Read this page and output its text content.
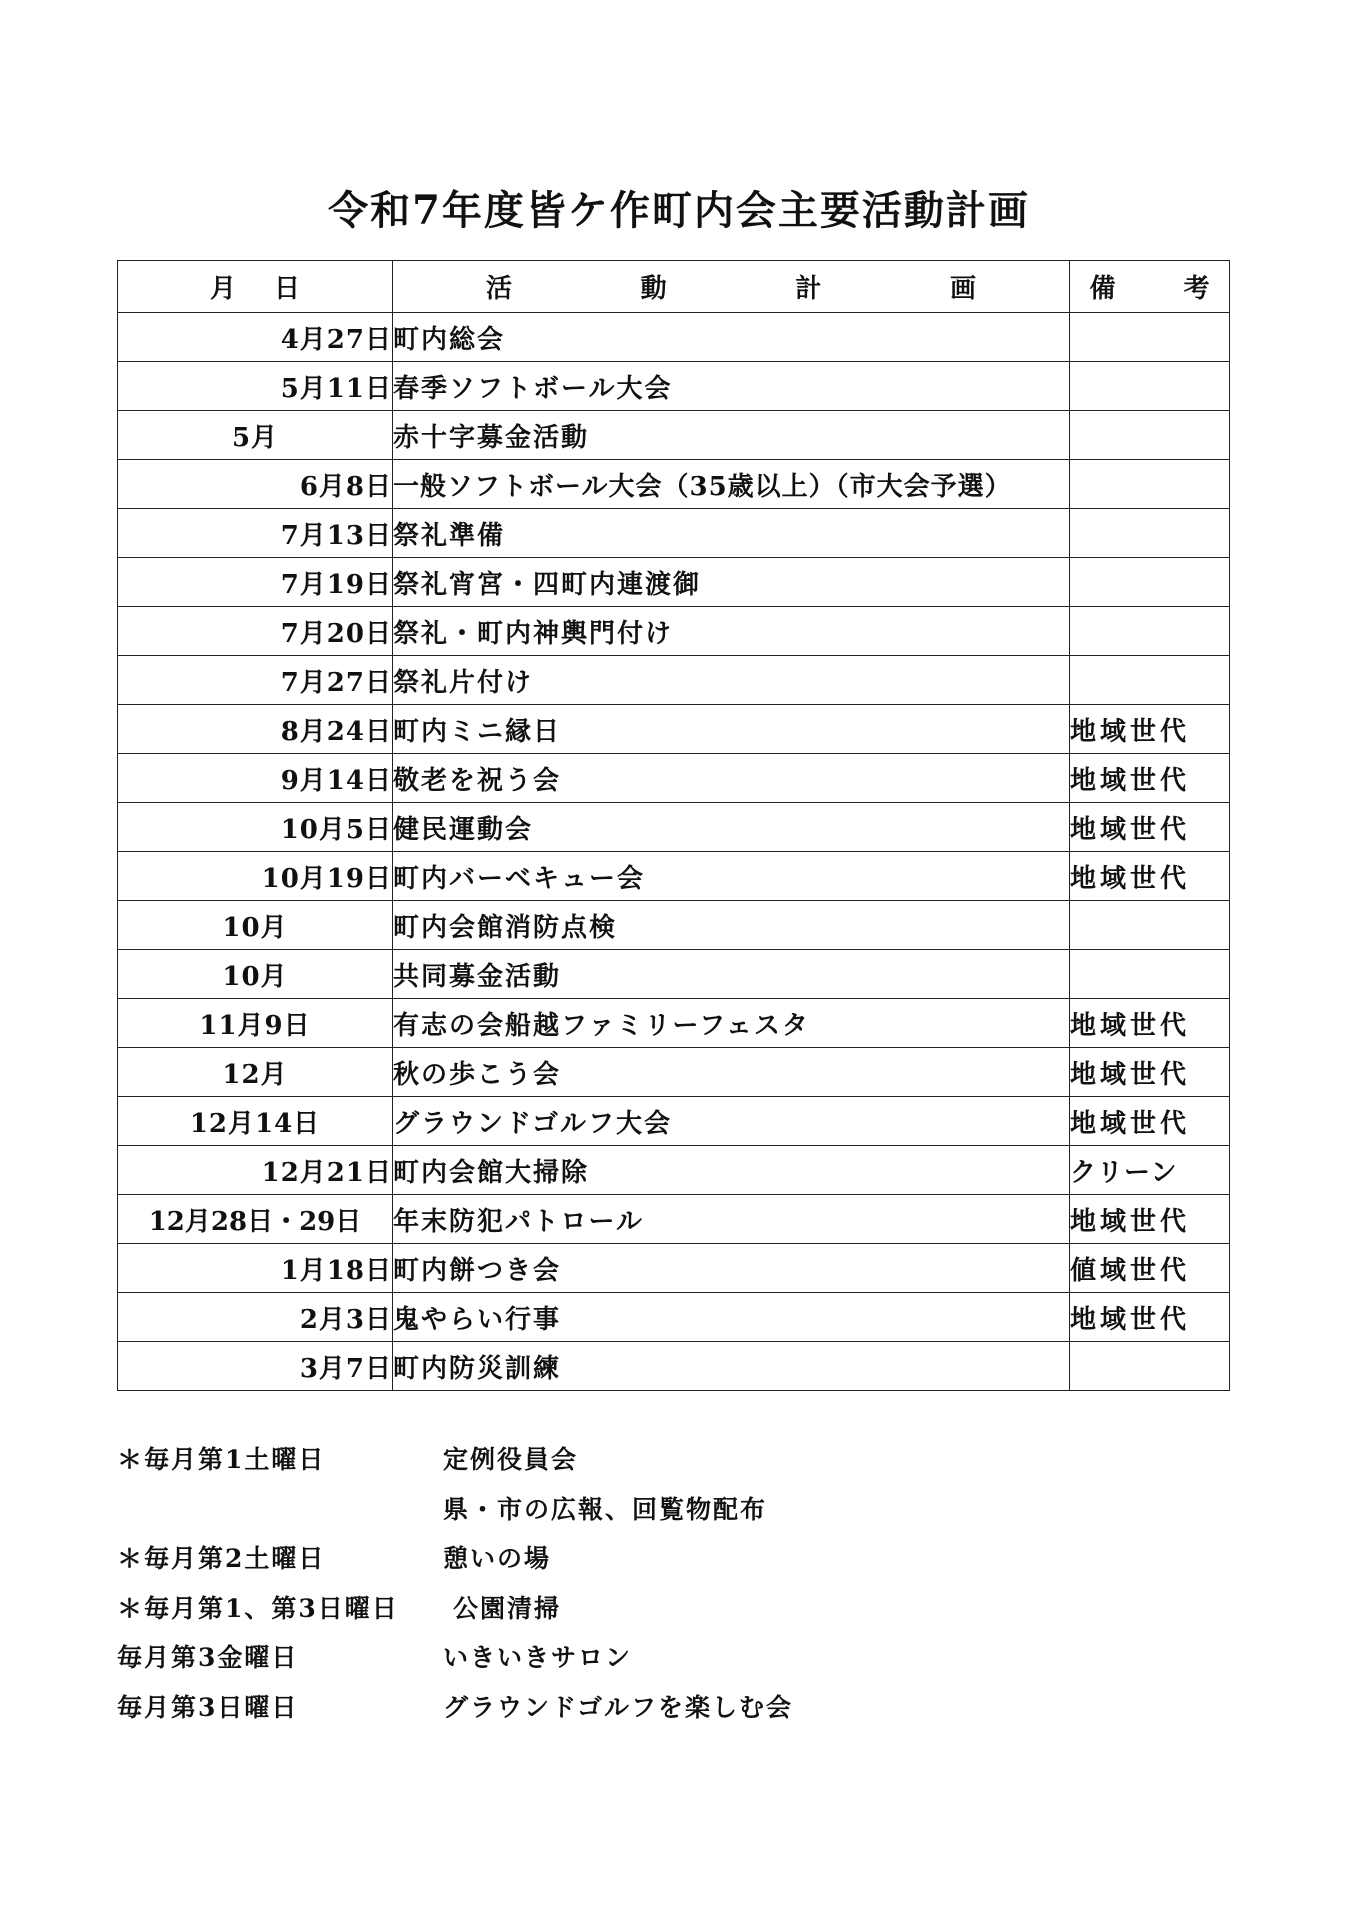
令和7年度皆ケ作町内会主要活動計画
月 日	活 動 計 画	備 考

4月27日	町内総会	
5月11日	春季ソフトボール大会	
5月	赤十字募金活動	
6月8日	一般ソフトボール大会（35歳以上）（市大会予選）	
7月13日	祭礼準備	
7月19日	祭礼宵宮・四町内連渡御	
7月20日	祭礼・町内神輿門付け	
7月27日	祭礼片付け	
8月24日	町内ミニ縁日	地域世代
9月14日	敬老を祝う会	地域世代
10月5日	健民運動会	地域世代
10月19日	町内バーベキュー会	地域世代
10月	町内会館消防点検	
10月	共同募金活動	
11月9日	有志の会船越ファミリーフェスタ	地域世代
12月	秋の歩こう会	地域世代
12月14日	グラウンドゴルフ大会	地域世代
12月21日	町内会館大掃除	クリーン
12月28日・29日	年末防犯パトロール	地域世代
1月18日	町内餅つき会	値域世代
2月3日	鬼やらい行事	地域世代
3月7日	町内防災訓練	
＊毎月第1土曜日	定例役員会
県・市の広報、回覧物配布
＊毎月第2土曜日	憩いの場
＊毎月第1、第3日曜日 公園清掃
毎月第3金曜日	いきいきサロン
毎月第3日曜日	グラウンドゴルフを楽しむ会
